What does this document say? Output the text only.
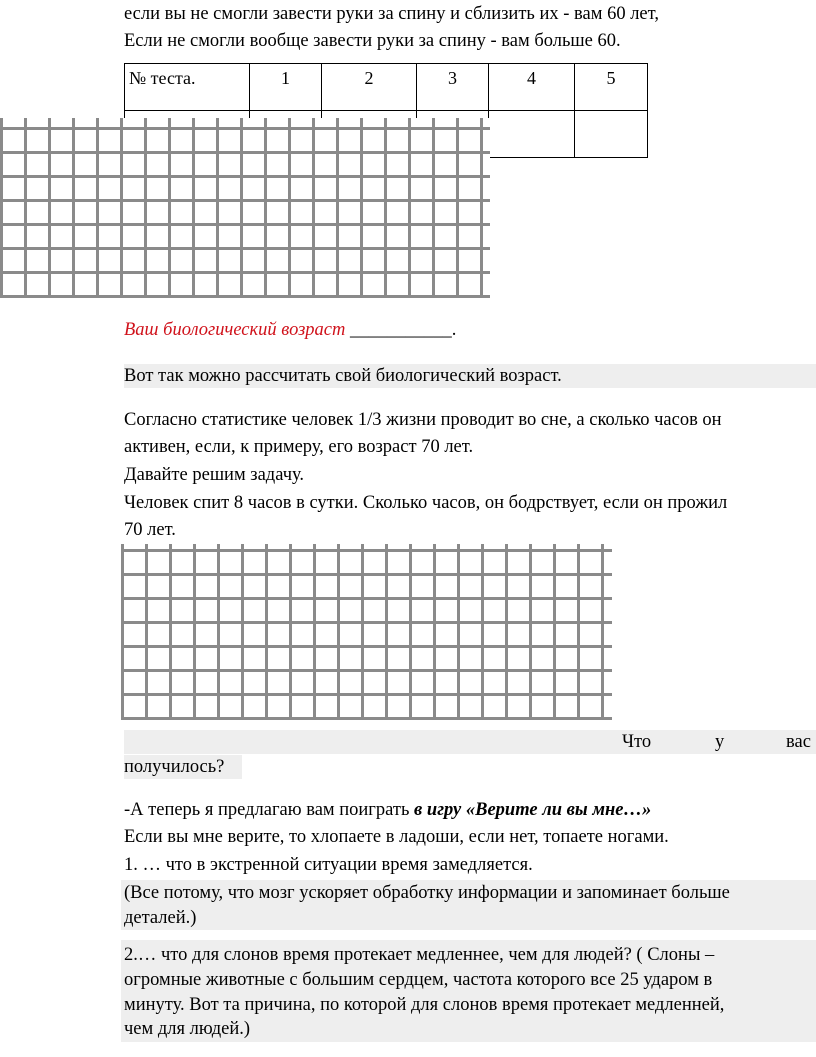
если вы не смогли завести руки за спину и сблизить их - вам 60 лет,
Если не смогли вообще завести руки за спину - вам больше 60.
№ теста.	1	2	3	4	5

Ваш биологический возраст ___________.
Вот так можно рассчитать свой биологический возраст.
Согласно статистике человек 1/3 жизни проводит во сне, а сколько часов он
активен, если, к примеру, его возраст 70 лет.
Давайте решим задачу.
Человек спит 8 часов в сутки. Сколько часов, он бодрствует, если он прожил
70 лет.
Что	у	вас
получилось?
-А теперь я предлагаю вам поиграть в игру «Верите ли вы мне…»
Если вы мне верите, то хлопаете в ладоши, если нет, топаете ногами.
1. … что в экстренной ситуации время замедляется.
(Все потому, что мозг ускоряет обработку информации и запоминает больше
деталей.)
2.… что для слонов время протекает медленнее, чем для людей? ( Слоны –
огромные животные с большим сердцем, частота которого все 25 ударом в
минуту. Вот та причина, по которой для слонов время протекает медленней,
чем для людей.)
